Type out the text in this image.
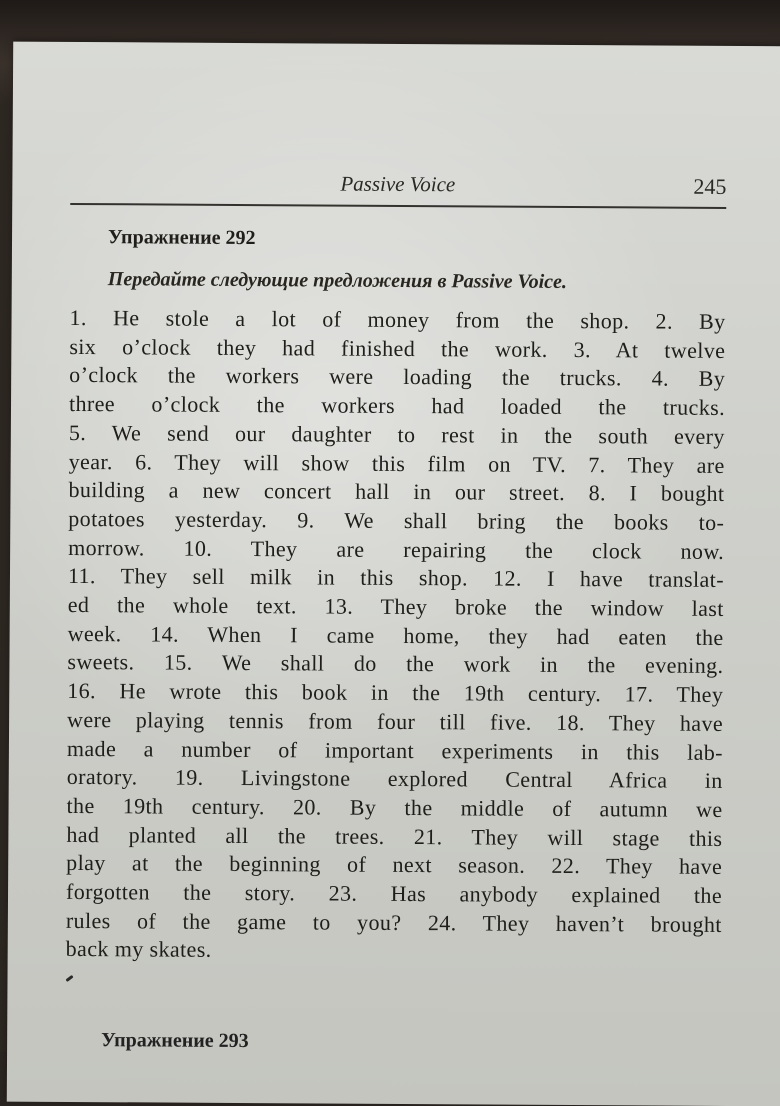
Passive Voice	245
Упражнение 292
Передайте следующие предложения в Passive Voice.
1. He stole a lot of money from the shop. 2. By
six o’clock they had finished the work. 3. At twelve
o’clock the workers were loading the trucks. 4. By
three o’clock the workers had loaded the trucks.
5. We send our daughter to rest in the south every
year. 6. They will show this film on TV. 7. They are
building a new concert hall in our street. 8. I bought
potatoes yesterday. 9. We shall bring the books to-
morrow. 10. They are repairing the clock now.
11. They sell milk in this shop. 12. I have translat-
ed the whole text. 13. They broke the window last
week. 14. When I came home, they had eaten the
sweets. 15. We shall do the work in the evening.
16. He wrote this book in the 19th century. 17. They
were playing tennis from four till five. 18. They have
made a number of important experiments in this lab-
oratory. 19. Livingstone explored Central Africa in
the 19th century. 20. By the middle of autumn we
had planted all the trees. 21. They will stage this
play at the beginning of next season. 22. They have
forgotten the story. 23. Has anybody explained the
rules of the game to you? 24. They haven’t brought
back my skates.
Упражнение 293
